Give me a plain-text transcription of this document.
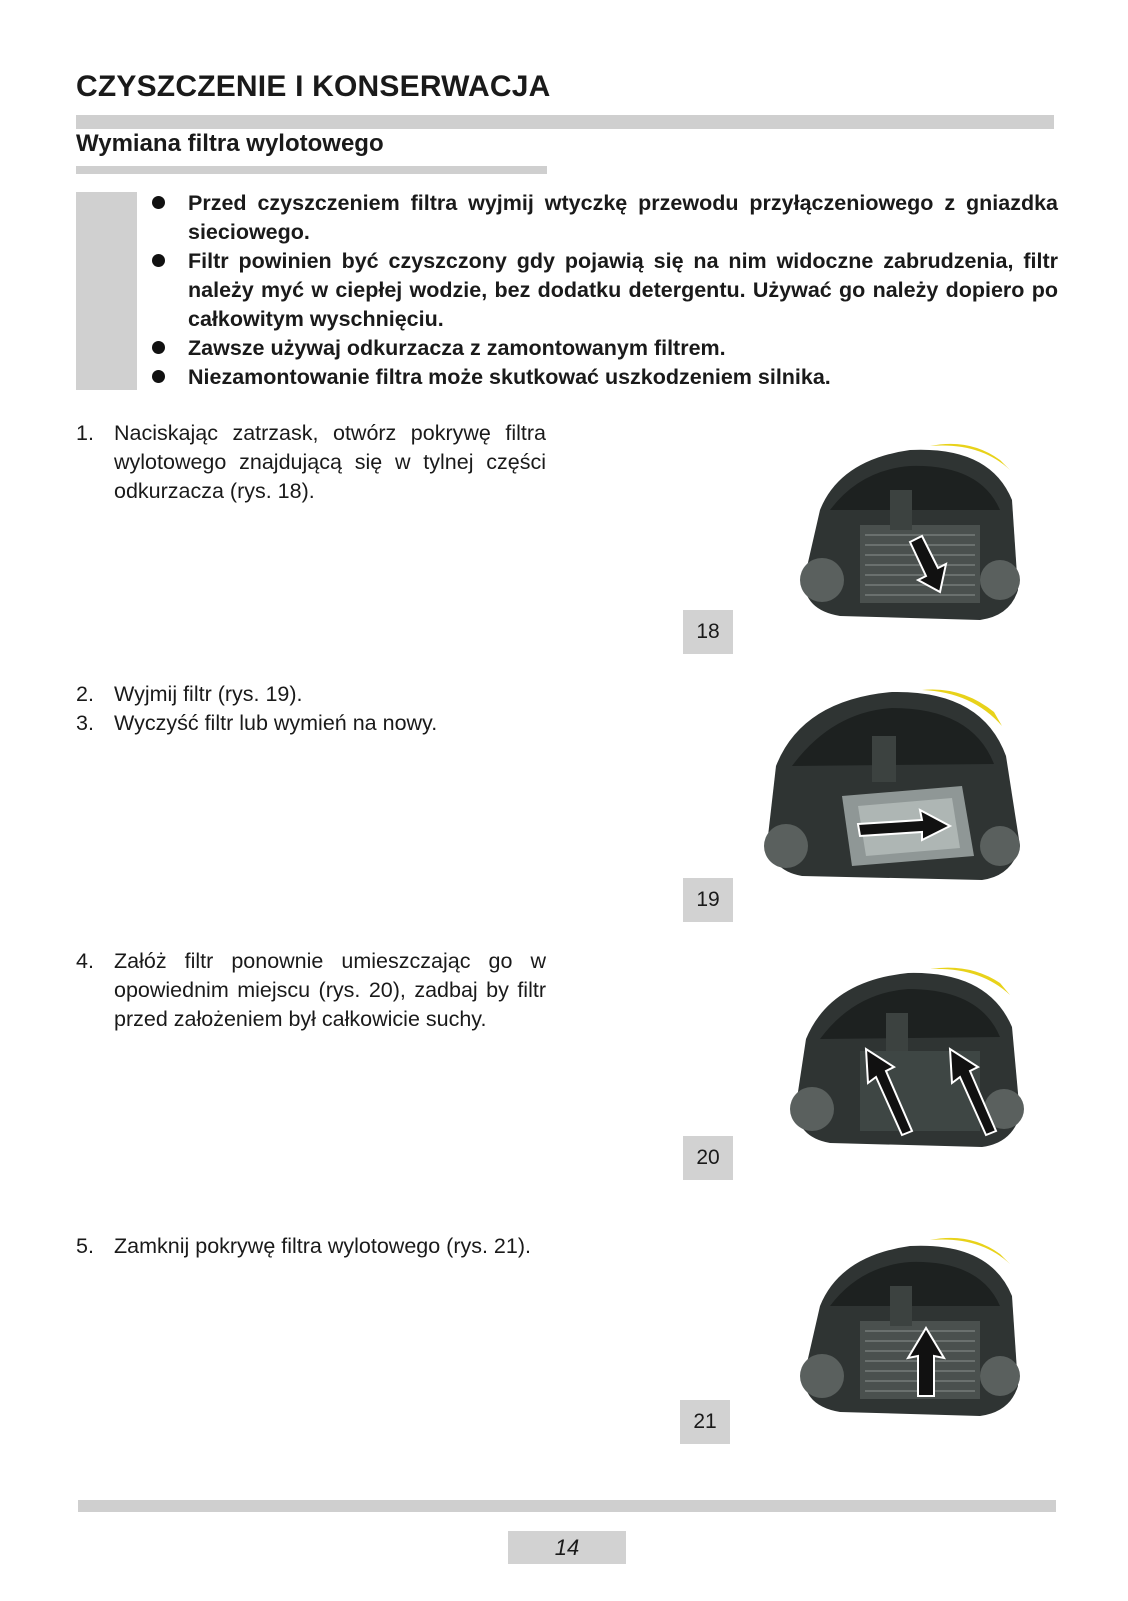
CZYSZCZENIE I KONSERWACJA
Wymiana filtra wylotowego
Przed czyszczeniem filtra wyjmij wtyczkę przewodu przyłączeniowego z gniazdka sieciowego.
Filtr powinien być czyszczony gdy pojawią się na nim widoczne zabrudzenia, filtr należy myć w ciepłej wodzie, bez dodatku detergentu. Używać go należy dopiero po całkowitym wyschnięciu.
Zawsze używaj odkurzacza z zamontowanym filtrem.
Niezamontowanie filtra może skutkować uszkodzeniem silnika.
1. Naciskając zatrzask, otwórz pokrywę filtra wylotowego znajdującą się w tylnej części odkurzacza (rys. 18).
2. Wyjmij filtr (rys. 19).
3. Wyczyść filtr lub wymień na nowy.
4. Załóż filtr ponownie umieszczając go w opowiednim miejscu (rys. 20), zadbaj by filtr przed założeniem był całkowicie suchy.
5. Zamknij pokrywę filtra wylotowego (rys. 21).
18
19
20
21
14
